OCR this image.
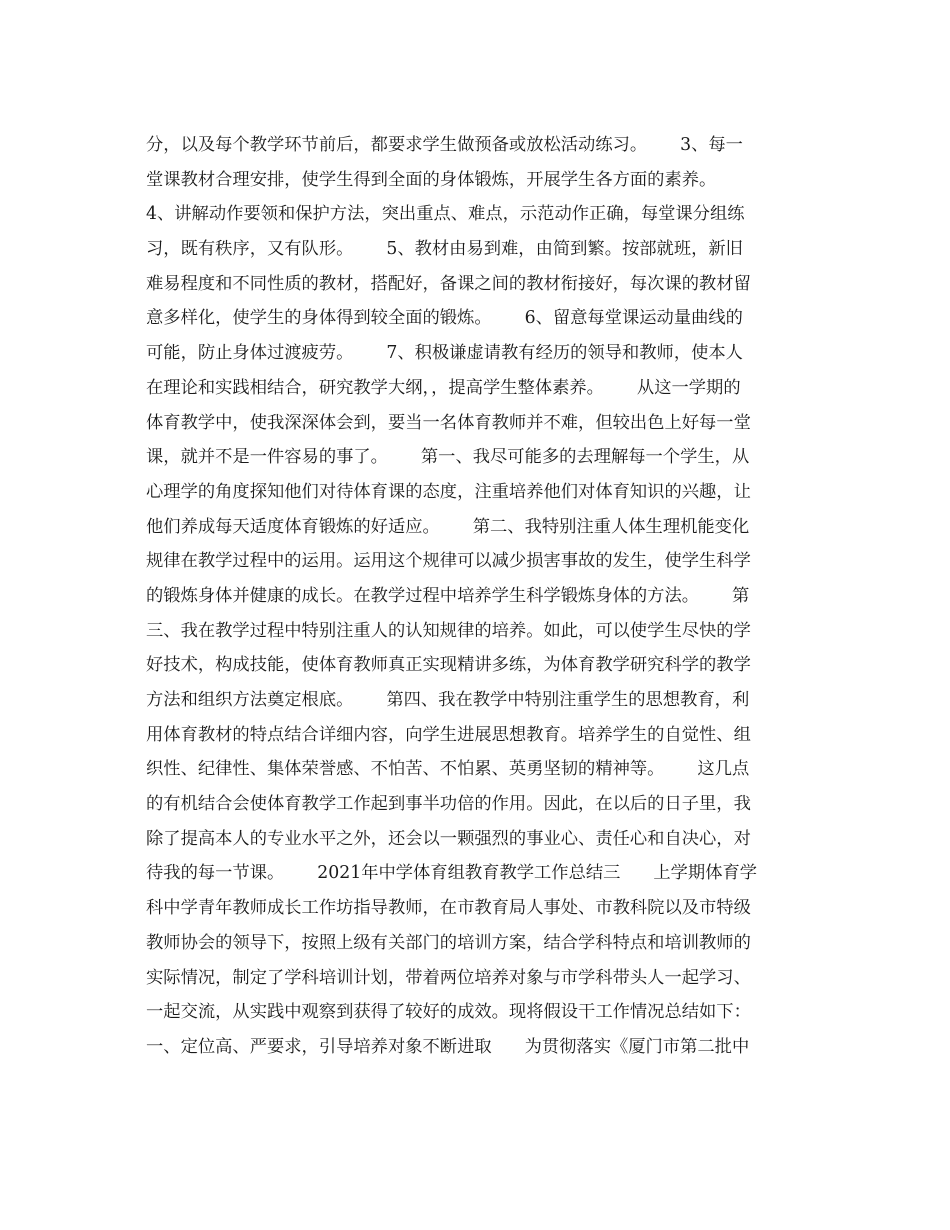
分，以及每个教学环节前后，都要求学生做预备或放松活动练习。      3、每一
堂课教材合理安排，使学生得到全面的身体锻炼，开展学生各方面的素养。
4、讲解动作要领和保护方法，突出重点、难点，示范动作正确，每堂课分组练
习，既有秩序，又有队形。      5、教材由易到难，由简到繁。按部就班，新旧
难易程度和不同性质的教材，搭配好，备课之间的教材衔接好，每次课的教材留
意多样化，使学生的身体得到较全面的锻炼。      6、留意每堂课运动量曲线的
可能，防止身体过渡疲劳。      7、积极谦虚请教有经历的领导和教师，使本人
在理论和实践相结合，研究教学大纲，，提高学生整体素养。      从这一学期的
体育教学中，使我深深体会到，要当一名体育教师并不难，但较出色上好每一堂
课，就并不是一件容易的事了。      第一、我尽可能多的去理解每一个学生，从
心理学的角度探知他们对待体育课的态度，注重培养他们对体育知识的兴趣，让
他们养成每天适度体育锻炼的好适应。      第二、我特别注重人体生理机能变化
规律在教学过程中的运用。运用这个规律可以减少损害事故的发生，使学生科学
的锻炼身体并健康的成长。在教学过程中培养学生科学锻炼身体的方法。      第
三、我在教学过程中特别注重人的认知规律的培养。如此，可以使学生尽快的学
好技术，构成技能，使体育教师真正实现精讲多练，为体育教学研究科学的教学
方法和组织方法奠定根底。      第四、我在教学中特别注重学生的思想教育，利
用体育教材的特点结合详细内容，向学生进展思想教育。培养学生的自觉性、组
织性、纪律性、集体荣誉感、不怕苦、不怕累、英勇坚韧的精神等。      这几点
的有机结合会使体育教学工作起到事半功倍的作用。因此，在以后的日子里，我
除了提高本人的专业水平之外，还会以一颗强烈的事业心、责任心和自决心，对
待我的每一节课。      2021年中学体育组教育教学工作总结三      上学期体育学
科中学青年教师成长工作坊指导教师，在市教育局人事处、市教科院以及市特级
教师协会的领导下，按照上级有关部门的培训方案，结合学科特点和培训教师的
实际情况，制定了学科培训计划，带着两位培养对象与市学科带头人一起学习、
一起交流，从实践中观察到获得了较好的成效。现将假设干工作情况总结如下：
一、定位高、严要求，引导培养对象不断进取      为贯彻落实《厦门市第二批中
